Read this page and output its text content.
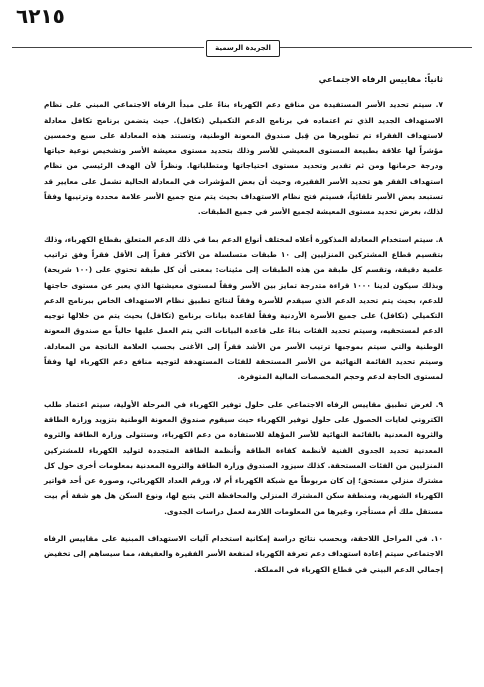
٦٢١٥
الجريدة الرسمية
ثانياً: مقاييس الرفاه الاجتماعي

٧. سيتم تحديد الأسر المستفيدة من منافع دعم الكهرباء بناءً على مبدأ الرفاه الاجتماعي المبني على نظام الاستهداف الجديد الذي تم اعتماده في برنامج الدعم التكميلي (تكافل). حيث يتضمن برنامج تكافل معادلة لاستهداف الفقراء تم تطويرها من قِبل صندوق المعونة الوطنية، وتستند هذه المعادلة على سبع وخمسين مؤشراً لها علاقة بطبيعة المستوى المعيشي للأسر وذلك بتحديد مستوى معيشة الأسر وتشخيص نوعية حياتها ودرجة حرمانها ومن ثم تقدير وتحديد مستوى احتياجاتها ومتطلباتها. ونظراً لأن الهدف الرئيسي من نظام استهداف الفقر هو تحديد الأسر الفقيرة، وحيث أن بعض المؤشرات في المعادلة الحالية تشمل على معايير قد تستبعد بعض الأسر تلقائياً، فسيتم فتح نظام الاستهداف بحيث يتم منح جميع الأسر علامة محددة وترتيبها وفقاً لذلك، بغرض تحديد مستوى المعيشة لجميع الأسر في جميع الطبقات.

٨. سيتم استخدام المعادلة المذكورة أعلاه لمختلف أنواع الدعم بما في ذلك الدعم المتعلق بقطاع الكهرباء، وذلك بتقسيم قطاع المشتركين المنزليين إلى ١٠ طبقات متسلسلة من الأكثر فقراً إلى الأقل فقراً وفق تراتيب علمية دقيقة، وتقسم كل طبقة من هذه الطبقات إلى مئينات: بمعنى أن كل طبقة تحتوي على (١٠٠ شريحة) وبذلك سيكون لدينا ١٠٠٠ قراءة متدرجة تمايز بين الأسر وفقاً لمستوى معيشتها الذي يعبر عن مستوى حاجتها للدعم، بحيث يتم تحديد الدعم الذي سيقدم للأسرة وفقاً لنتائج تطبيق نظام الاستهداف الخاص ببرنامج الدعم التكميلي (تكافل) على جميع الأسرة الأردنية وفقاً لقاعدة بيانات برنامج (تكافل) بحيث يتم من خلالها توجيه الدعم لمستحقيه، وسيتم تحديد الفئات بناءً على قاعدة البيانات التي يتم العمل عليها حالياً مع صندوق المعونة الوطنية والتي سيتم بموجبها ترتيب الأسر من الأشد فقراً إلى الأغنى بحسب العلامة الناتجة من المعادلة. وسيتم تحديد القائمة النهائية من الأسر المستحقة للفئات المستهدفة لتوجيه منافع دعم الكهرباء لها وفقاً لمستوى الحاجة لدعم وحجم المخصصات المالية المتوفرة.

٩. لغرض تطبيق مقاييس الرفاه الاجتماعي على حلول توفير الكهرباء في المرحلة الأولية، سيتم اعتماد طلب الكتروني لغايات الحصول على حلول توفير الكهرباء حيث سيقوم صندوق المعونة الوطنية بتزويد وزارة الطاقة والثروة المعدنية بالقائمة النهائية للأسر المؤهلة للاستفادة من دعم الكهرباء، وستتولى وزارة الطاقة والثروة المعدنية تحديد الجدوى الفنية لأنظمة كفاءة الطاقة وأنظمة الطاقة المتجددة لتوليد الكهرباء للمشتركين المنزليين من الفئات المستحقة. كذلك سيزود الصندوق وزارة الطاقة والثروة المعدنية بمعلومات أخرى حول كل مشترك منزلي مستحق؛ إن كان مربوطاً مع شبكة الكهرباء أم لا، ورقم العداد الكهربائي، وصورة عن أحد فواتير الكهرباء الشهرية، ومنطقة سكن المشترك المنزلي والمحافظة التي يتبع لها، ونوع السكن هل هو شقة أم بيت مستقل ملك أم مستأجر، وغيرها من المعلومات اللازمة لعمل دراسات الجدوى.

١٠. في المراحل اللاحقة، وبحسب نتائج دراسة إمكانية استخدام آليات الاستهداف المبنية على مقاييس الرفاه الاجتماعي سيتم إعادة استهداف دعم تعرفة الكهرباء لمنفعة الأسر الفقيرة والعفيفة، مما سيساهم إلى تخفيض إجمالي الدعم البيني في قطاع الكهرباء في المملكة.
